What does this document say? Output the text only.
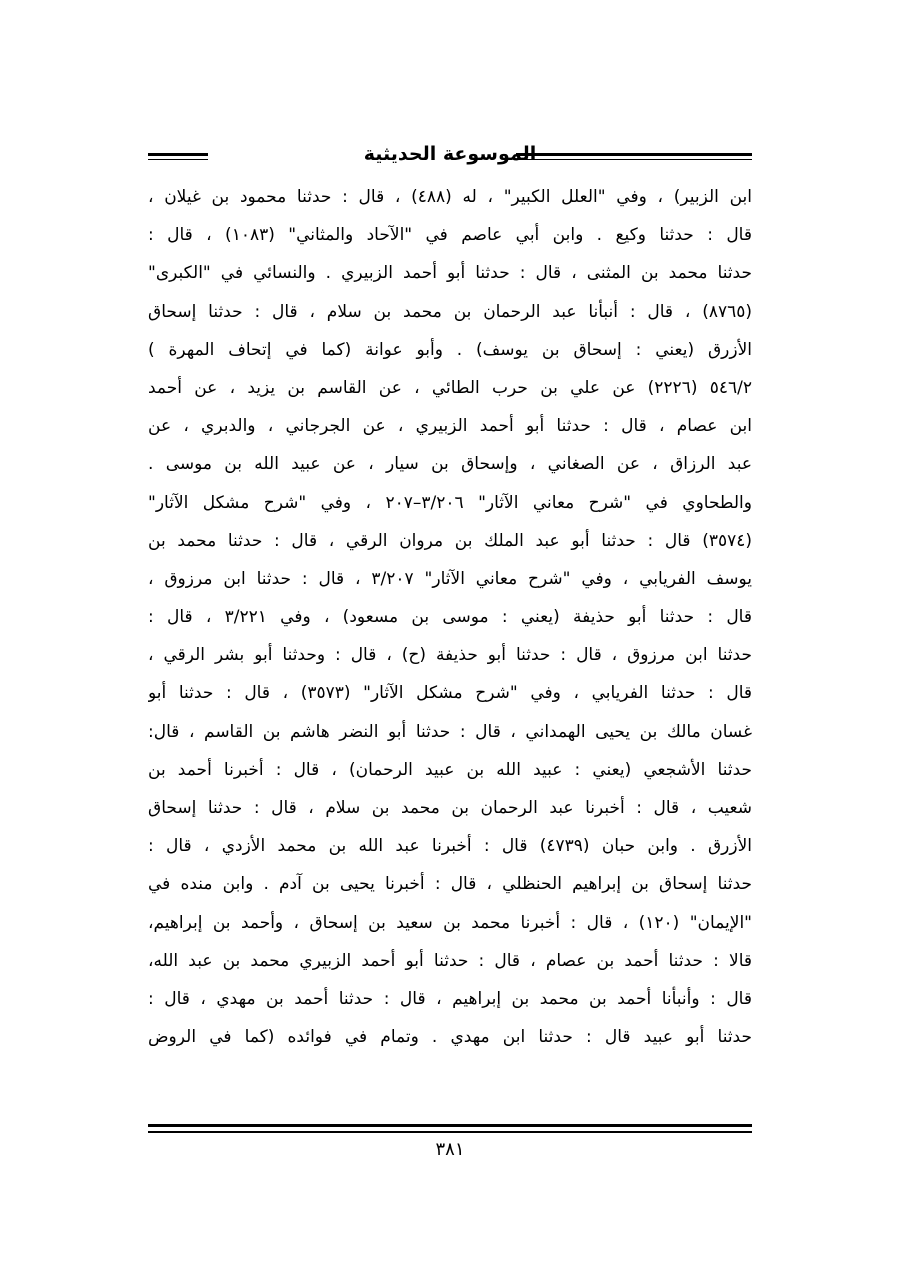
الموسوعة الحديثية
ابن الزبير) ، وفي "العلل الكبير" ، له (٤٨٨) ، قال : حدثنا محمود بن غيلان ،
قال : حدثنا وكيع . وابن أبي عاصم في "الآحاد والمثاني" (١٠٨٣) ، قال :
حدثنا محمد بن المثنى ، قال : حدثنا أبو أحمد الزبيري . والنسائي في "الكبرى"
(٨٧٦٥) ، قال : أنبأنا عبد الرحمان بن محمد بن سلام ، قال : حدثنا إسحاق
الأزرق (يعني : إسحاق بن يوسف) . وأبو عوانة (كما في إتحاف المهرة )
٥٤٦/٢ (٢٢٢٦) عن علي بن حرب الطائي ، عن القاسم بن يزيد ، عن أحمد
ابن عصام ، قال : حدثنا أبو أحمد الزبيري ، عن الجرجاني ، والدبري ، عن
عبد الرزاق ، عن الصغاني ، وإسحاق بن سيار ، عن عبيد الله بن موسى .
والطحاوي في "شرح معاني الآثار" ٣/٢٠٦–٢٠٧ ، وفي "شرح مشكل الآثار"
(٣٥٧٤) قال : حدثنا أبو عبد الملك بن مروان الرقي ، قال : حدثنا محمد بن
يوسف الفريابي ، وفي "شرح معاني الآثار" ٣/٢٠٧ ، قال : حدثنا ابن مرزوق ،
قال : حدثنا أبو حذيفة (يعني : موسى بن مسعود) ، وفي ٣/٢٢١ ، قال :
حدثنا ابن مرزوق ، قال : حدثنا أبو حذيفة (ح) ، قال : وحدثنا أبو بشر الرقي ،
قال : حدثنا الفريابي ، وفي "شرح مشكل الآثار" (٣٥٧٣) ، قال : حدثنا أبو
غسان مالك بن يحيى الهمداني ، قال : حدثنا أبو النضر هاشم بن القاسم ، قال:
حدثنا الأشجعي (يعني : عبيد الله بن عبيد الرحمان) ، قال : أخبرنا أحمد بن
شعيب ، قال : أخبرنا عبد الرحمان بن محمد بن سلام ، قال : حدثنا إسحاق
الأزرق . وابن حبان (٤٧٣٩) قال : أخبرنا عبد الله بن محمد الأزدي ، قال :
حدثنا إسحاق بن إبراهيم الحنظلي ، قال : أخبرنا يحيى بن آدم . وابن منده في
"الإيمان" (١٢٠) ، قال : أخبرنا محمد بن سعيد بن إسحاق ، وأحمد بن إبراهيم،
قالا : حدثنا أحمد بن عصام ، قال : حدثنا أبو أحمد الزبيري محمد بن عبد الله،
قال : وأنبأنا أحمد بن محمد بن إبراهيم ، قال : حدثنا أحمد بن مهدي ، قال :
حدثنا أبو عبيد قال : حدثنا ابن مهدي . وتمام في فوائده (كما في الروض
٣٨١
